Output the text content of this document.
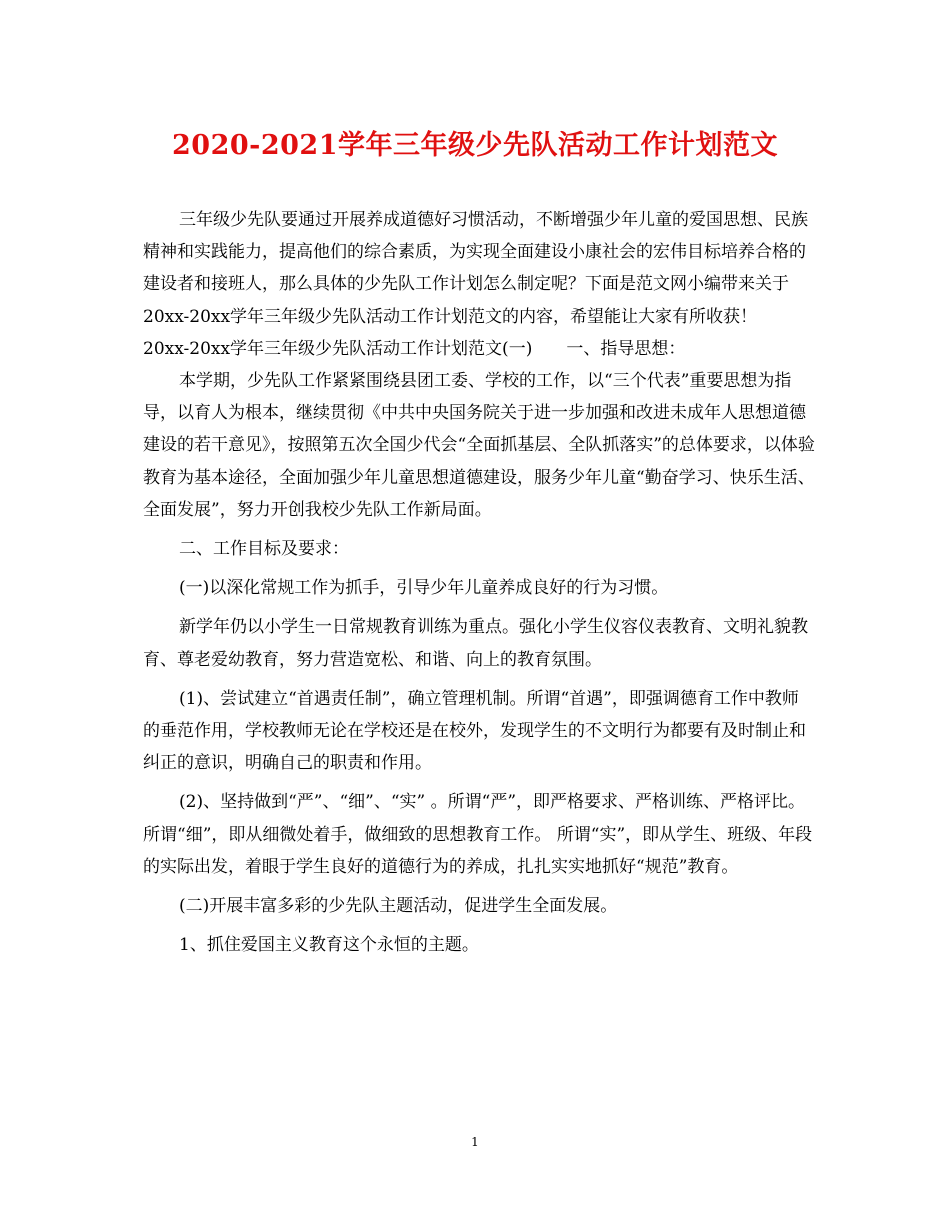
2020-2021学年三年级少先队活动工作计划范文

三年级少先队要通过开展养成道德好习惯活动，不断增强少年儿童的爱国思想、民族精神和实践能力，提高他们的综合素质，为实现全面建设小康社会的宏伟目标培养合格的建设者和接班人，那么具体的少先队工作计划怎么制定呢？下面是范文网小编带来关于20xx-20xx学年三年级少先队活动工作计划范文的内容，希望能让大家有所收获！

20xx-20xx学年三年级少先队活动工作计划范文(一) 一、指导思想：

本学期，少先队工作紧紧围绕县团工委、学校的工作，以“三个代表”重要思想为指导，以育人为根本，继续贯彻《中共中央国务院关于进一步加强和改进未成年人思想道德建设的若干意见》，按照第五次全国少代会“全面抓基层、全队抓落实”的总体要求，以体验教育为基本途径，全面加强少年儿童思想道德建设，服务少年儿童“勤奋学习、快乐生活、全面发展”，努力开创我校少先队工作新局面。

二、工作目标及要求：

(一)以深化常规工作为抓手，引导少年儿童养成良好的行为习惯。

新学年仍以小学生一日常规教育训练为重点。强化小学生仪容仪表教育、文明礼貌教育、尊老爱幼教育，努力营造宽松、和谐、向上的教育氛围。

(1)、尝试建立“首遇责任制”，确立管理机制。所谓“首遇”，即强调德育工作中教师的垂范作用，学校教师无论在学校还是在校外，发现学生的不文明行为都要有及时制止和纠正的意识，明确自己的职责和作用。

(2)、坚持做到“严”、“细”、“实” 。所谓“严”，即严格要求、严格训练、严格评比。所谓“细”，即从细微处着手，做细致的思想教育工作。 所谓“实”，即从学生、班级、年段的实际出发，着眼于学生良好的道德行为的养成，扎扎实实地抓好“规范”教育。

(二)开展丰富多彩的少先队主题活动，促进学生全面发展。

1、抓住爱国主义教育这个永恒的主题。

1
